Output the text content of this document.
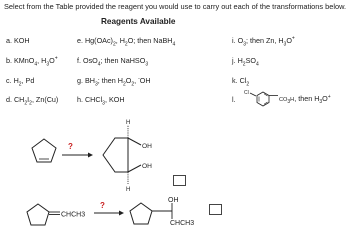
Select from the Table provided the reagent you would use to carry out each of the transformations below.
Reagents Available
a. KOH
b. KMnO$_4$, $H_3O^+$
c. $H_2$, Pd
d. $CH_2I_2$, Zn(Cu)
e. $Hg(OAc)_2$, $H_2O$; then NaBH$_4$
f. OsO$_4$; then NaHSO$_3$
g. $BH_3$; then $H_2O_2$, -OH
h. CHCl$_3$, KOH
i. $O_3$; then Zn, $H_3O^+$
j. $H_2SO_4$
k. $Cl_2$
l.
Cl
$CO_3H$, then $H_3O^+$
H
H
OH
OH
?
CHCH3
OH
CHCH3
?
